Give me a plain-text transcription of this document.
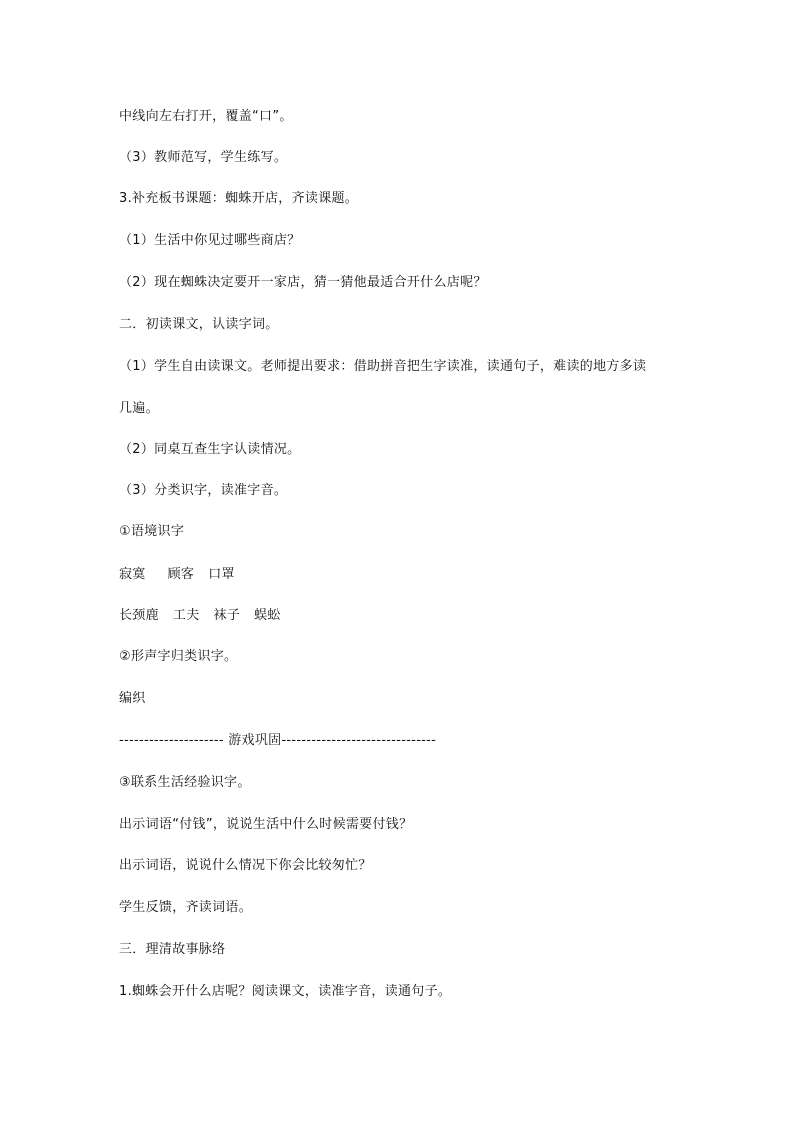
中线向左右打开，覆盖“口”。
（3）教师范写，学生练写。
3.补充板书课题：蜘蛛开店，齐读课题。
（1）生活中你见过哪些商店？
（2）现在蜘蛛决定要开一家店，猜一猜他最适合开什么店呢？
二．初读课文，认读字词。
（1）学生自由读课文。老师提出要求：借助拼音把生字读准，读通句子，难读的地方多读
几遍。
（2）同桌互查生字认读情况。
（3）分类识字，读准字音。
①语境识字
寂寞 顾客 口罩
长颈鹿 工夫 袜子 蜈蚣
②形声字归类识字。
编织
--------------------- 游戏巩固-------------------------------
③联系生活经验识字。
出示词语“付钱”，说说生活中什么时候需要付钱？
出示词语，说说什么情况下你会比较匆忙？
学生反馈，齐读词语。
三．理清故事脉络
1.蜘蛛会开什么店呢？阅读课文，读准字音，读通句子。
